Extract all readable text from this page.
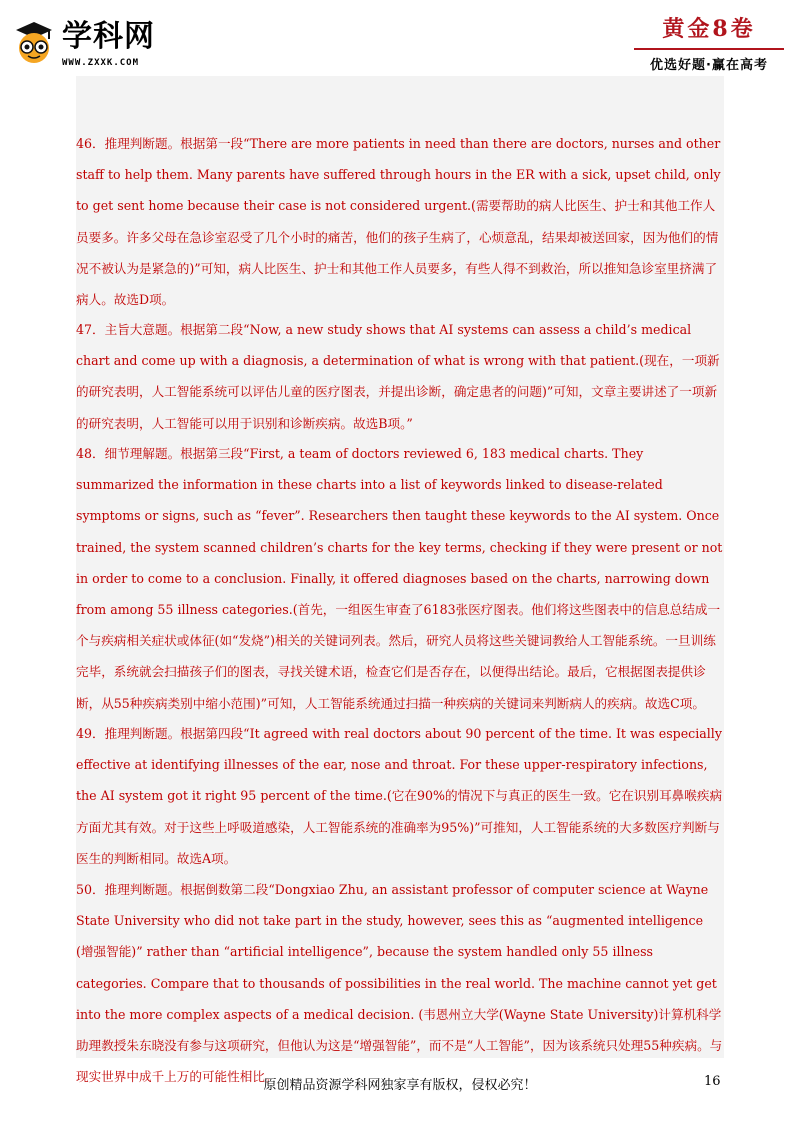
学科网
WWW.ZXXK.COM
黄金8卷
优选好题·赢在高考
46．推理判断题。根据第一段“There are more patients in need than there are doctors, nurses and other staff to help them. Many parents have suffered through hours in the ER with a sick, upset child, only to get sent home because their case is not considered urgent.(需要帮助的病人比医生、护士和其他工作人员要多。许多父母在急诊室忍受了几个小时的痛苦，他们的孩子生病了，心烦意乱，结果却被送回家，因为他们的情况不被认为是紧急的)”可知，病人比医生、护士和其他工作人员要多，有些人得不到救治，所以推知急诊室里挤满了病人。故选D项。
47．主旨大意题。根据第二段“Now, a new study shows that AI systems can assess a child’s medical chart and come up with a diagnosis, a determination of what is wrong with that patient.(现在，一项新的研究表明，人工智能系统可以评估儿童的医疗图表，并提出诊断，确定患者的问题)”可知，文章主要讲述了一项新的研究表明，人工智能可以用于识别和诊断疾病。故选B项。”
48．细节理解题。根据第三段“First, a team of doctors reviewed 6, 183 medical charts. They summarized the information in these charts into a list of keywords linked to disease-related symptoms or signs, such as “fever”. Researchers then taught these keywords to the AI system. Once trained, the system scanned children’s charts for the key terms, checking if they were present or not in order to come to a conclusion. Finally, it offered diagnoses based on the charts, narrowing down from among 55 illness categories.(首先，一组医生审查了6183张医疗图表。他们将这些图表中的信息总结成一个与疾病相关症状或体征(如“发烧”)相关的关键词列表。然后，研究人员将这些关键词教给人工智能系统。一旦训练完毕，系统就会扫描孩子们的图表，寻找关键术语，检查它们是否存在，以便得出结论。最后，它根据图表提供诊断，从55种疾病类别中缩小范围)”可知，人工智能系统通过扫描一种疾病的关键词来判断病人的疾病。故选C项。
49．推理判断题。根据第四段“It agreed with real doctors about 90 percent of the time. It was especially effective at identifying illnesses of the ear, nose and throat. For these upper-respiratory infections, the AI system got it right 95 percent of the time.(它在90%的情况下与真正的医生一致。它在识别耳鼻喉疾病方面尤其有效。对于这些上呼吸道感染，人工智能系统的准确率为95%)”可推知，人工智能系统的大多数医疗判断与医生的判断相同。故选A项。
50．推理判断题。根据倒数第二段“Dongxiao Zhu, an assistant professor of computer science at Wayne State University who did not take part in the study, however, sees this as “augmented intelligence (增强智能)” rather than “artificial intelligence”, because the system handled only 55 illness categories. Compare that to thousands of possibilities in the real world. The machine cannot yet get into the more complex aspects of a medical decision. (韦恩州立大学(Wayne State University)计算机科学助理教授朱东晓没有参与这项研究，但他认为这是“增强智能”，而不是“人工智能”，因为该系统只处理55种疾病。与现实世界中成千上万的可能性相比。
原创精品资源学科网独家享有版权，侵权必究！	16
